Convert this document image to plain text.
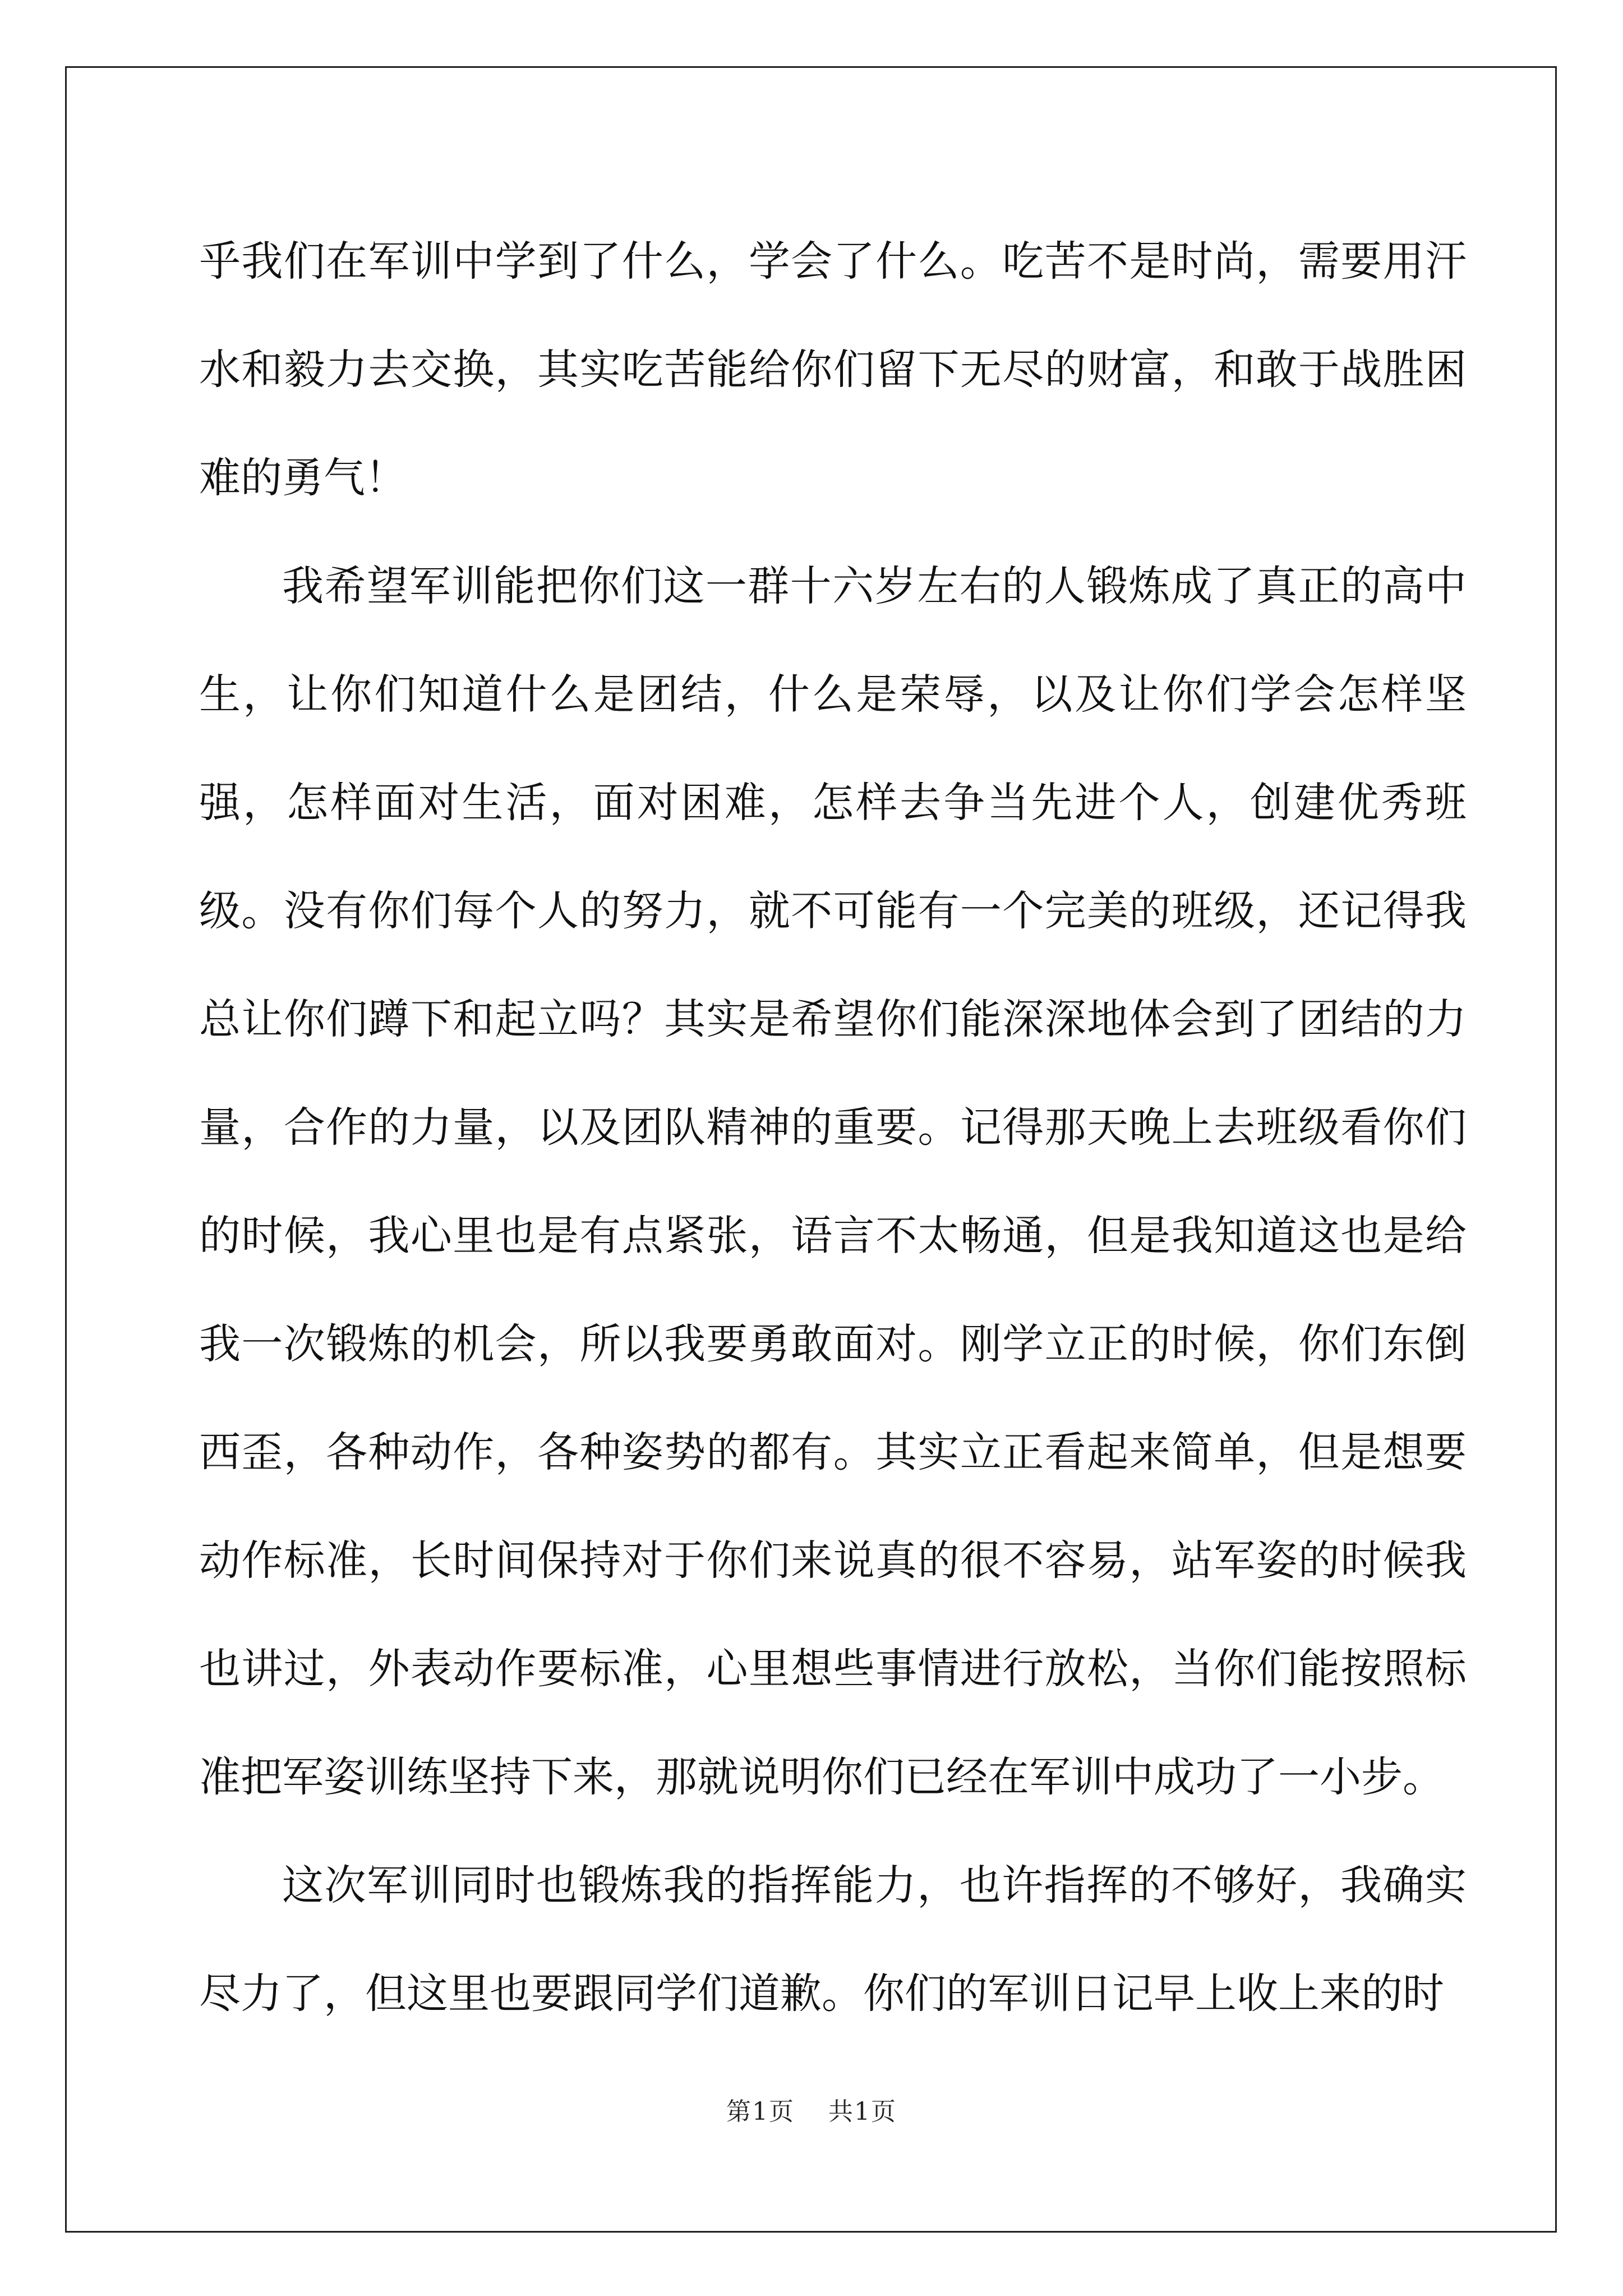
乎我们在军训中学到了什么，学会了什么。吃苦不是时尚，需要用汗水和毅力去交换，其实吃苦能给你们留下无尽的财富，和敢于战胜困难的勇气！

我希望军训能把你们这一群十六岁左右的人锻炼成了真正的高中生，让你们知道什么是团结，什么是荣辱，以及让你们学会怎样坚强，怎样面对生活，面对困难，怎样去争当先进个人，创建优秀班级。没有你们每个人的努力，就不可能有一个完美的班级，还记得我总让你们蹲下和起立吗？其实是希望你们能深深地体会到了团结的力量，合作的力量，以及团队精神的重要。记得那天晚上去班级看你们的时候，我心里也是有点紧张，语言不太畅通，但是我知道这也是给我一次锻炼的机会，所以我要勇敢面对。刚学立正的时候，你们东倒西歪，各种动作，各种姿势的都有。其实立正看起来简单，但是想要动作标准，长时间保持对于你们来说真的很不容易，站军姿的时候我也讲过，外表动作要标准，心里想些事情进行放松，当你们能按照标准把军姿训练坚持下来，那就说明你们已经在军训中成功了一小步。

这次军训同时也锻炼我的指挥能力，也许指挥的不够好，我确实尽力了，但这里也要跟同学们道歉。你们的军训日记早上收上来的时

第1页 共1页
